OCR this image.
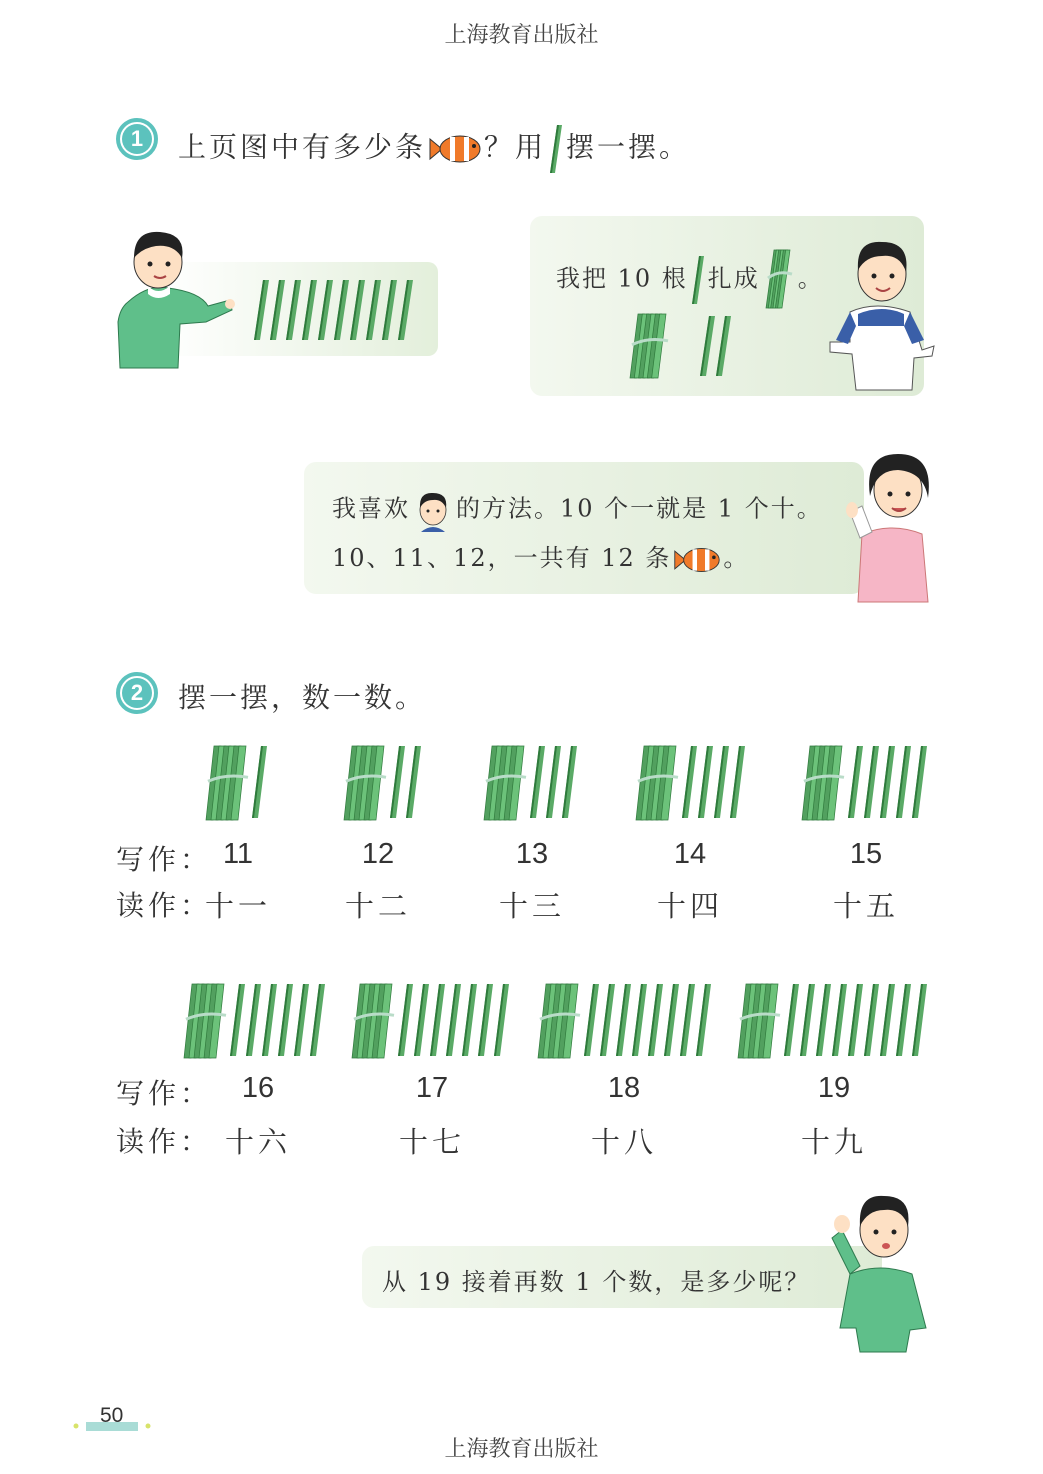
上海教育出版社
1	上页图中有多少条 ？用 摆一摆。
我把 10 根 扎成 。
我喜欢 的方法。10 个一就是 1 个十。
10、11、12，一共有 12 条 。
2	摆一摆，数一数。
写作：
读作：
11
十一
12
十二
13
十三
14
十四
15
十五
写作：
读作：
16
十六
17
十七
18
十八
19
十九
从 19 接着再数 1 个数，是多少呢？
50
上海教育出版社
